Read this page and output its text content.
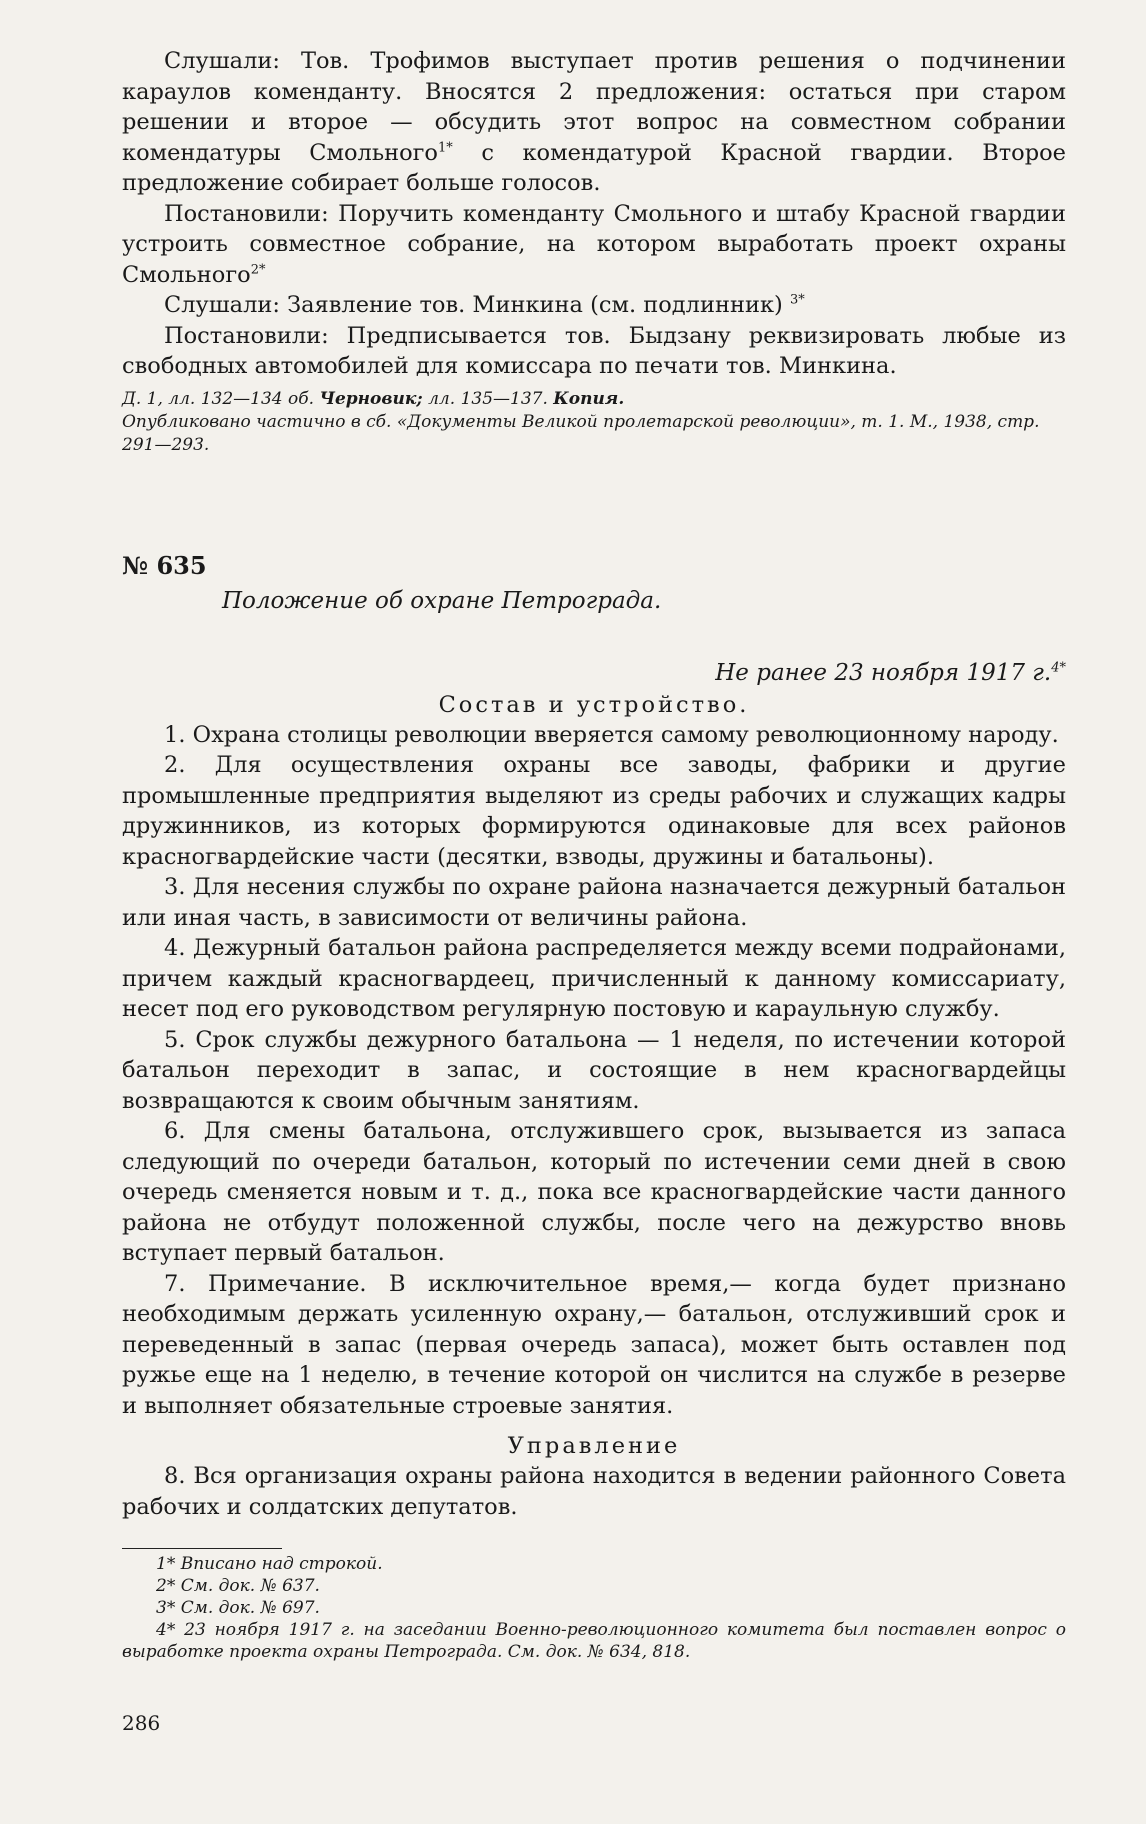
Слушали: Тов. Трофимов выступает против решения о подчинении караулов коменданту. Вносятся 2 предложения: остаться при старом решении и второе — обсудить этот вопрос на совместном собрании комендатуры Смольного$^{1*}$ с комендатурой Красной гвардии. Второе предложение собирает больше голосов.

Постановили: Поручить коменданту Смольного и штабу Красной гвардии устроить совместное собрание, на котором выработать проект охраны Смольного$^{2*}$

Слушали: Заявление тов. Минкина (см. подлинник) $^{3*}$

Постановили: Предписывается тов. Быдзану реквизировать любые из свободных автомобилей для комиссара по печати тов. Минкина.

Д. 1, лл. 132—134 об. Черновик; лл. 135—137. Копия.
Опубликовано частично в сб. «Документы Великой пролетарской революции», т. 1. М., 1938, стр. 291—293.

№ 635
Положение об охране Петрограда.
Не ранее 23 ноября 1917 г.$^{4*}$
Состав и устройство.

1. Охрана столицы революции вверяется самому революционному народу.

2. Для осуществления охраны все заводы, фабрики и другие промышленные предприятия выделяют из среды рабочих и служащих кадры дружинников, из которых формируются одинаковые для всех районов красногвардейские части (десятки, взводы, дружины и батальоны).

3. Для несения службы по охране района назначается дежурный батальон или иная часть, в зависимости от величины района.

4. Дежурный батальон района распределяется между всеми подрайонами, причем каждый красногвардеец, причисленный к данному комиссариату, несет под его руководством регулярную постовую и караульную службу.

5. Срок службы дежурного батальона — 1 неделя, по истечении которой батальон переходит в запас, и состоящие в нем красногвардейцы возвращаются к своим обычным занятиям.

6. Для смены батальона, отслужившего срок, вызывается из запаса следующий по очереди батальон, который по истечении семи дней в свою очередь сменяется новым и т. д., пока все красногвардейские части данного района не отбудут положенной службы, после чего на дежурство вновь вступает первый батальон.

7. Примечание. В исключительное время,— когда будет признано необходимым держать усиленную охрану,— батальон, отслуживший срок и переведенный в запас (первая очередь запаса), может быть оставлен под ружье еще на 1 неделю, в течение которой он числится на службе в резерве и выполняет обязательные строевые занятия.

Управление

8. Вся организация охраны района находится в ведении районного Совета рабочих и солдатских депутатов.

1* Вписано над строкой.

2* См. док. № 637.

3* См. док. № 697.

4* 23 ноября 1917 г. на заседании Военно-революционного комитета был поставлен вопрос о выработке проекта охраны Петрограда. См. док. № 634, 818.

286
